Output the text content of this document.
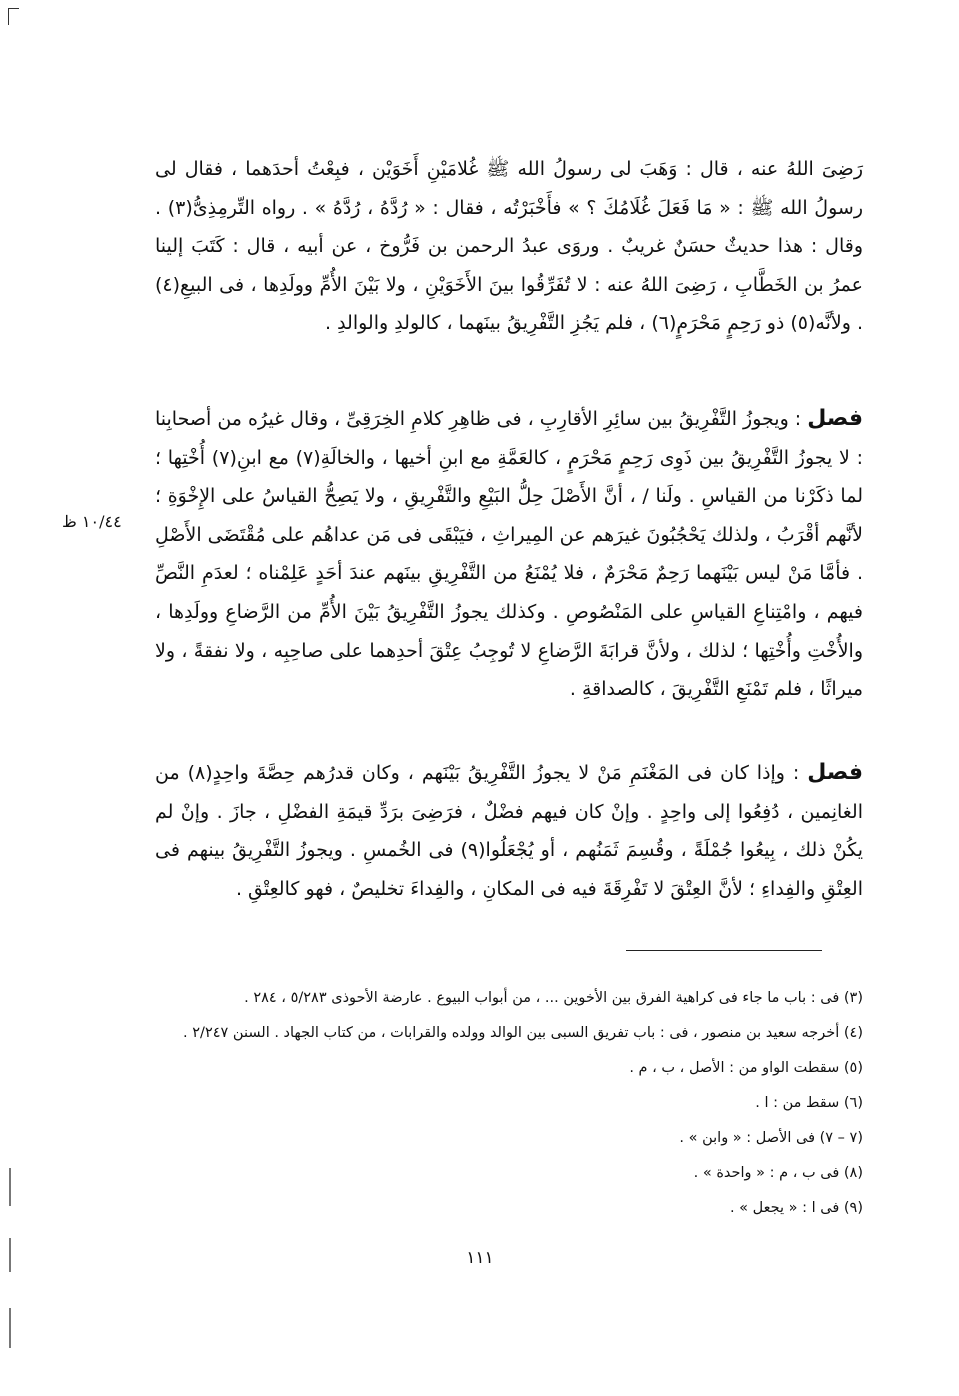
١٠/٤٤ ظ
رَضِىَ اللهُ عنه ، قال : وَهَبَ لى رسولُ الله ﷺ غُلامَيْنِ أَخَوَيْن ، فبِعْتُ أحدَهما ، فقال لى رسولُ الله ﷺ : « مَا فَعَلَ غُلَامُكَ ؟ » فأَخْبَرْتُه ، فقال : « رُدَّهُ ، رُدَّهُ » . رواه التِّرمِذِىُّ(٣) . وقال : هذا حديثٌ حسَنٌ غريبٌ . وروَى عبدُ الرحمن بن فَرُّوخ ، عن أبيه ، قال : كَتَبَ إلينا عمرُ بن الخَطَّابِ ، رَضِىَ اللهُ عنه : لا تُفَرِّقُوا بينَ الأَخَوَيْنِ ، ولا بَيْنَ الأُمِّ وولَدِها ، فى البيعِ(٤) . ولأنَّه(٥) ذو رَحِمٍ مَحْرَمٍ(٦) ، فلم يَجُزِ التَّفْرِيقُ بينَهما ، كالولدِ والوالدِ .
فصل : ويجوزُ التَّفْرِيقُ بين سائِرِ الأقارِبِ ، فى ظاهِرِ كلامِ الخِرَقِىِّ ، وقال غيرُه من أصحابِنا : لا يجوزُ التَّفْرِيقُ بين ذَوِى رَحِمٍ مَحْرَمٍ ، كالعَمَّةِ مع ابنِ أخيها ، والخالَةِ(٧) مع ابنِ(٧) أُخْتِها ؛ لما ذكَرْنا من القياسِ . ولَنا / ، أنَّ الأَصْلَ حِلُّ البَيْعِ والتَّفْرِيقِ ، ولا يَصِحُّ القياسُ على الإِخْوَةِ ؛ لأنَّهم أقْرَبُ ، ولذلك يَحْجُبُونَ غيرَهم عن المِيراثِ ، فيَبْقَى فى مَن عداهُم على مُقْتَضَى الأَصْلِ . فأمَّا مَنْ ليس بَيْنَهما رَحِمٌ مَحْرَمٌ ، فلا يُمْنَعُ من التَّفْرِيقِ بينَهم عندَ أحَدٍ عَلِمْناه ؛ لعدَمِ النَّصِّ فيهم ، وامْتِناعِ القياسِ على المَنْصُوصِ . وكذلك يجوزُ التَّفْرِيقُ بَيْنَ الأُمِّ من الرَّضاعِ وولَدِها ، والأُخْتِ وأُخْتِها ؛ لذلك ، ولأنَّ قرابَةَ الرَّضاعِ لا تُوجِبُ عِتْقَ أحدِهما على صاحِبِه ، ولا نفقةً ، ولا ميراثًا ، فلم تَمْنَعِ التَّفْرِيقَ ، كالصداقةِ .
فصل : وإذا كان فى المَغْنَمِ مَنْ لا يجوزُ التَّفْرِيقُ بَيْنَهم ، وكان قدرُهم حِصَّةَ واحِدٍ(٨) من الغانِمين ، دُفِعُوا إلى واحِدٍ . وإنْ كان فيهم فضْلٌ ، فرَضِىَ برَدِّ قيمَةِ الفضْلِ ، جازَ . وإنْ لم يكُنْ ذلك ، بِيعُوا جُمْلَةً ، وقُسِمَ ثَمَنُهم ، أو يُجْعَلُوا(٩) فى الخُمسِ . ويجوزُ التَّفْرِيقُ بينهم فى العِتْقِ والفِداءِ ؛ لأنَّ العِتْقَ لا تَفْرِقَةَ فيه فى المكانِ ، والفِداءَ تخليصٌ ، فهو كالعِتْقِ .

(٣) فى : باب ما جاء فى كراهية الفرق بين الأخوين ... ، من أبواب البيوع . عارضة الأحوذى ٥/٢٨٣ ، ٢٨٤ .

(٤) أخرجه سعيد بن منصور ، فى : باب تفريق السبى بين الوالد وولده والقرابات ، من كتاب الجهاد . السنن ٢/٢٤٧ .

(٥) سقطت الواو من : الأصل ، ب ، م .

(٦) سقط من : ا .

(٧ – ٧) فى الأصل : « وابن » .

(٨) فى ب ، م : « واحدة » .

(٩) فى ا : « يجعل » .

١١١
